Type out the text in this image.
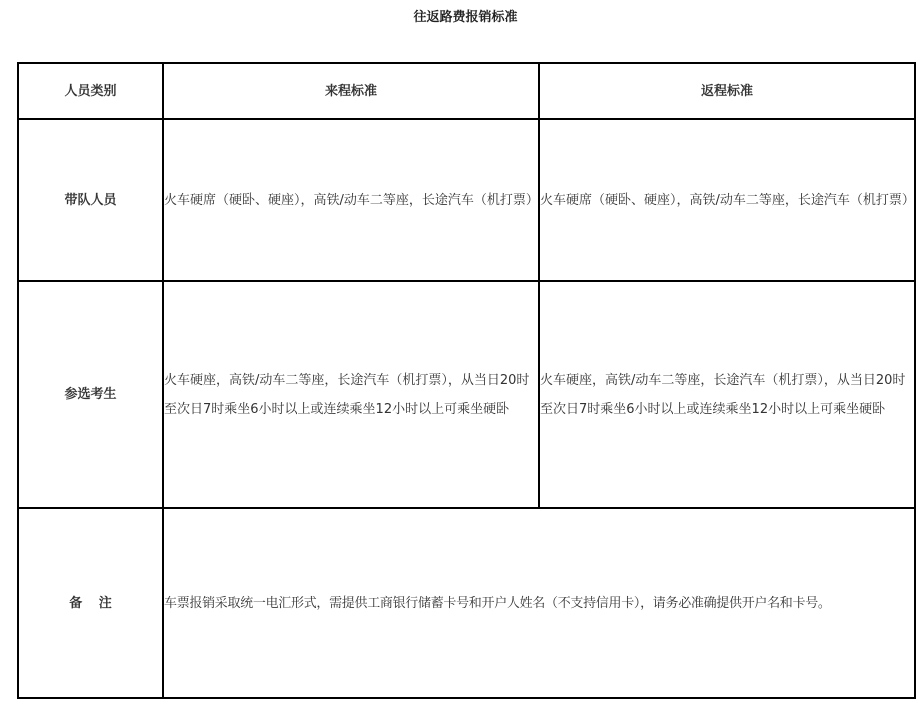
往返路费报销标准
人员类别	来程标准	返程标准
带队人员	火车硬席（硬卧、硬座），高铁/动车二等座，长途汽车（机打票）	火车硬席（硬卧、硬座），高铁/动车二等座，长途汽车（机打票）
参选考生	火车硬座，高铁/动车二等座，长途汽车（机打票），从当日20时至次日7时乘坐6小时以上或连续乘坐12小时以上可乘坐硬卧	火车硬座，高铁/动车二等座，长途汽车（机打票），从当日20时至次日7时乘坐6小时以上或连续乘坐12小时以上可乘坐硬卧
备 注	车票报销采取统一电汇形式，需提供工商银行储蓄卡号和开户人姓名（不支持信用卡），请务必准确提供开户名和卡号。	
